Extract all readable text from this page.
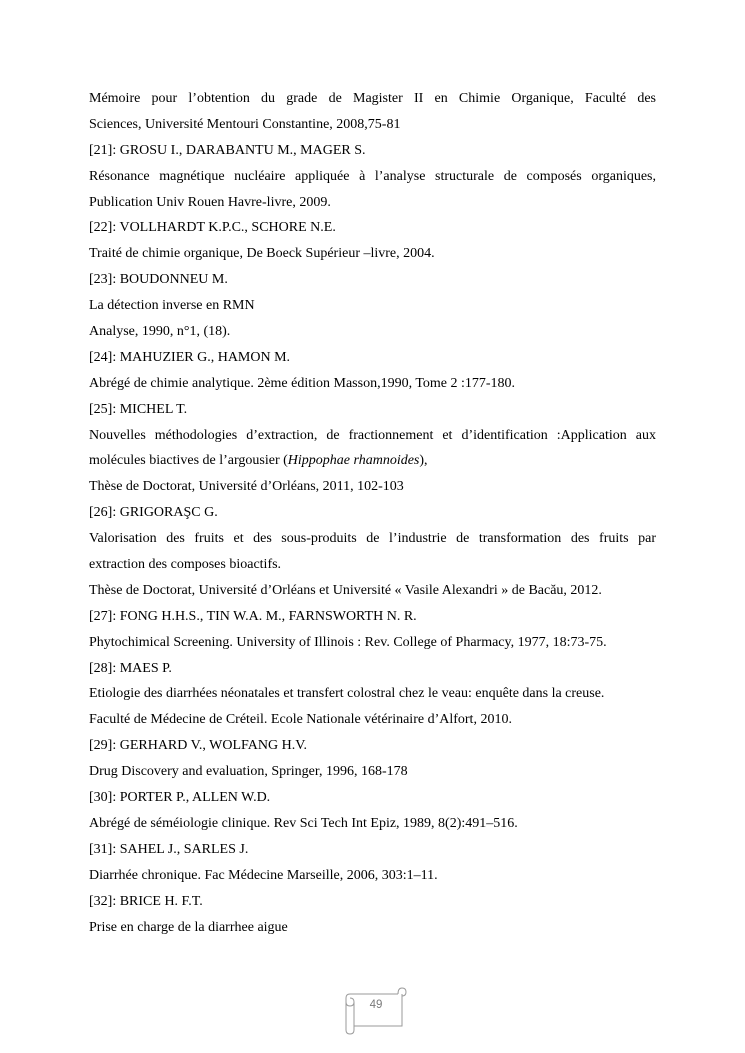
Mémoire pour l’obtention du grade de Magister II en Chimie Organique, Faculté des
Sciences, Université Mentouri Constantine, 2008,75-81
[21]: GROSU I., DARABANTU M., MAGER S.
Résonance magnétique nucléaire appliquée à l’analyse structurale de composés organiques,
Publication Univ Rouen Havre-livre, 2009.
[22]: VOLLHARDT K.P.C., SCHORE N.E.
Traité de chimie organique, De Boeck Supérieur –livre, 2004.
[23]: BOUDONNEU M.
La détection inverse en RMN
Analyse, 1990, n°1, (18).
[24]: MAHUZIER G., HAMON M.
Abrégé de chimie analytique. 2ème édition Masson,1990, Tome 2 :177-180.
[25]: MICHEL T.
Nouvelles méthodologies d’extraction, de fractionnement et d’identification :Application aux
molécules biactives de l’argousier (Hippophae rhamnoides),
Thèse de Doctorat, Université d’Orléans, 2011, 102-103
[26]: GRIGORAŞC G.
Valorisation des fruits et des sous-produits de l’industrie de transformation des fruits par
extraction des composes bioactifs.
Thèse de Doctorat, Université d’Orléans et Université « Vasile Alexandri » de Bacău, 2012.
[27]: FONG H.H.S., TIN W.A. M., FARNSWORTH N. R.
Phytochimical Screening. University of Illinois : Rev. College of Pharmacy, 1977, 18:73-75.
[28]: MAES P.
Etiologie des diarrhées néonatales et transfert colostral chez le veau: enquête dans la creuse.
Faculté de Médecine de Créteil. Ecole Nationale vétérinaire d’Alfort, 2010.
[29]: GERHARD V., WOLFANG H.V.
Drug Discovery and evaluation, Springer, 1996, 168-178
[30]: PORTER P., ALLEN W.D.
Abrégé de séméiologie clinique. Rev Sci Tech Int Epiz, 1989, 8(2):491–516.
[31]: SAHEL J., SARLES J.
Diarrhée chronique. Fac Médecine Marseille, 2006, 303:1–11.
[32]: BRICE H. F.T.
Prise en charge de la diarrhee aigue
49
